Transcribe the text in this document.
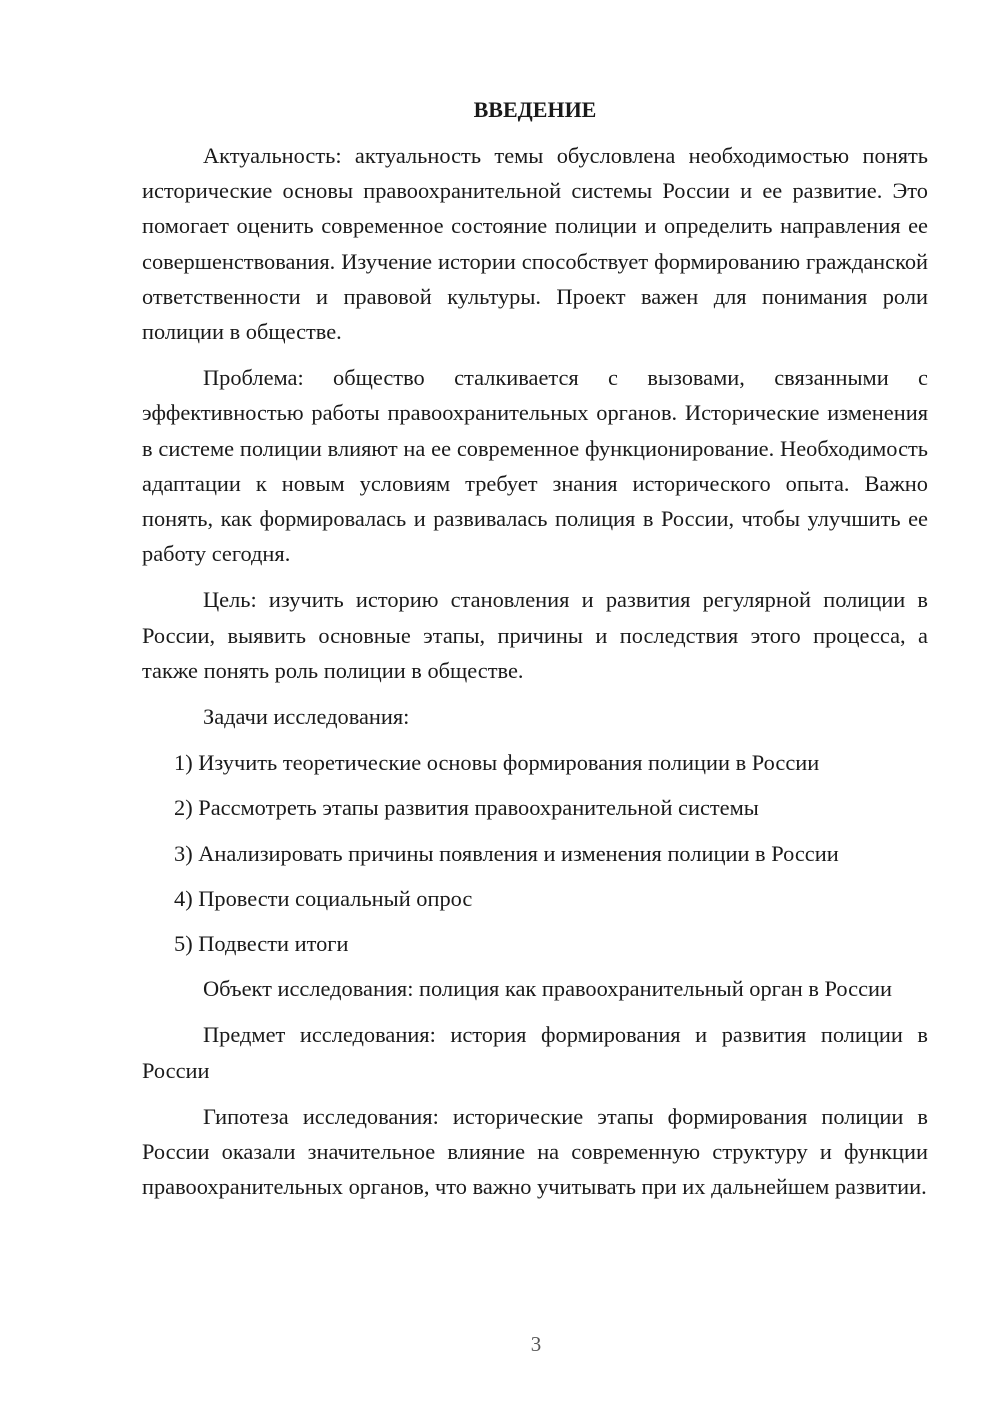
ВВЕДЕНИЕ

Актуальность: актуальность темы обусловлена необходимостью понять исторические основы правоохранительной системы России и ее развитие. Это помогает оценить современное состояние полиции и определить направления ее совершенствования. Изучение истории способствует формированию гражданской ответственности и правовой культуры. Проект важен для понимания роли полиции в обществе.

Проблема: общество сталкивается с вызовами, связанными с эффективностью работы правоохранительных органов. Исторические изменения в системе полиции влияют на ее современное функционирование. Необходимость адаптации к новым условиям требует знания исторического опыта. Важно понять, как формировалась и развивалась полиция в России, чтобы улучшить ее работу сегодня.

Цель: изучить историю становления и развития регулярной полиции в России, выявить основные этапы, причины и последствия этого процесса, а также понять роль полиции в обществе.

Задачи исследования:

1) Изучить теоретические основы формирования полиции в России
2) Рассмотреть этапы развития правоохранительной системы
3) Анализировать причины появления и изменения полиции в России
4) Провести социальный опрос
5) Подвести итоги

Объект исследования: полиция как правоохранительный орган в России

Предмет исследования: история формирования и развития полиции в России

Гипотеза исследования: исторические этапы формирования полиции в России оказали значительное влияние на современную структуру и функции правоохранительных органов, что важно учитывать при их дальнейшем развитии.

3
